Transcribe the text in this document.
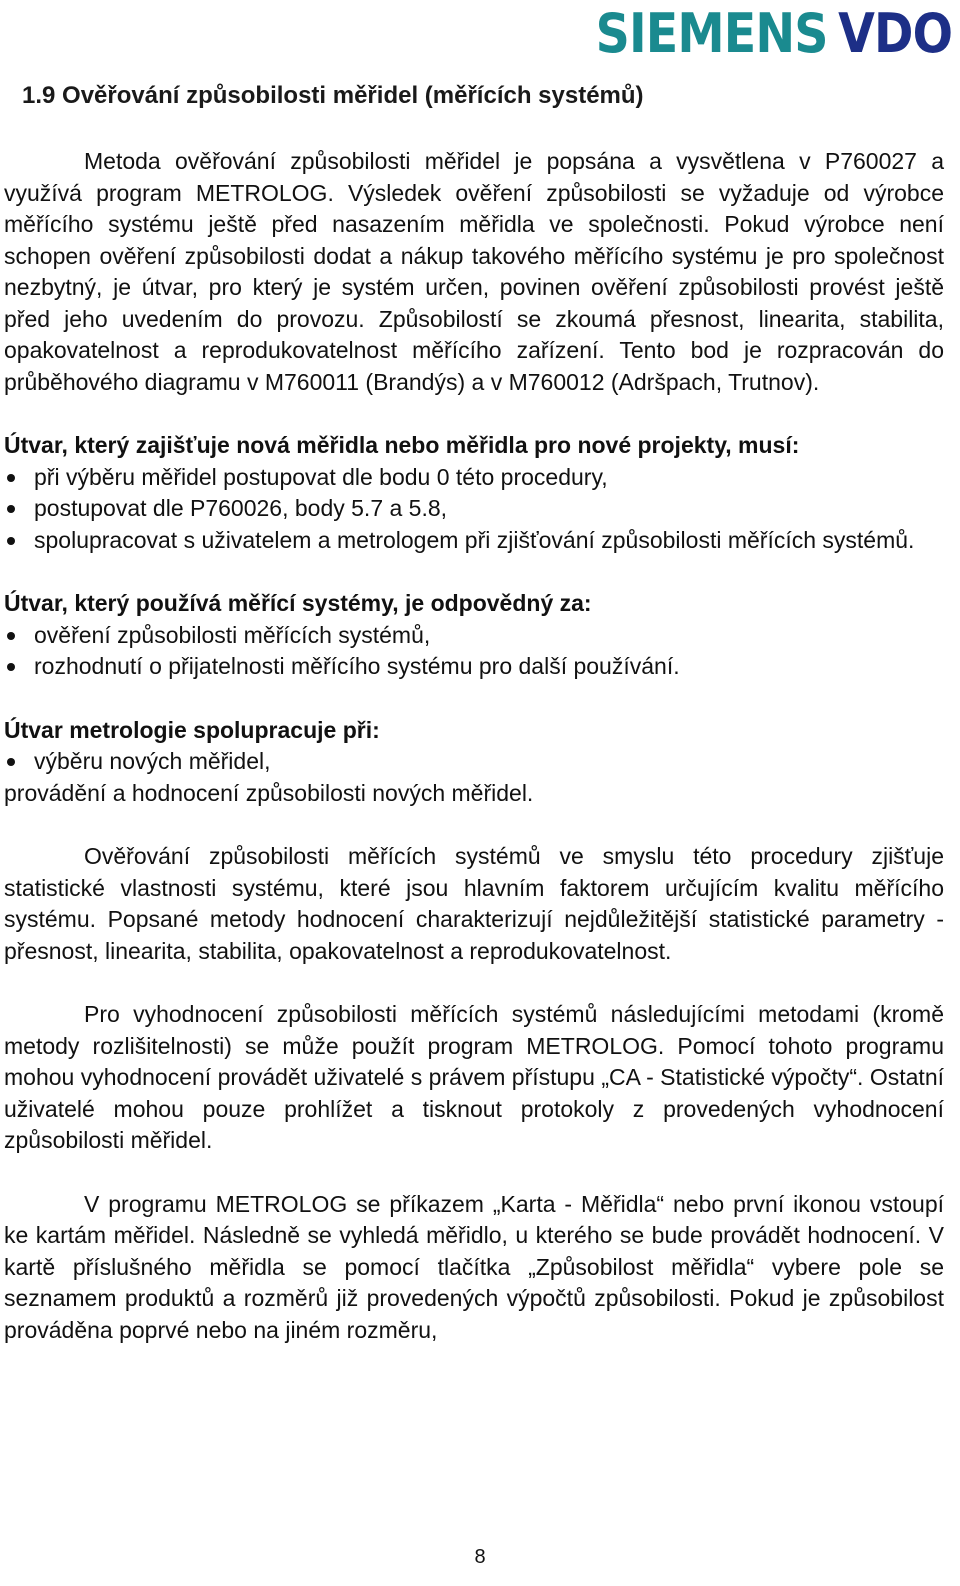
SIEMENS VDO
1.9 Ověřování způsobilosti měřidel (měřících systémů)

Metoda ověřování způsobilosti měřidel je popsána a vysvětlena v P760027 a využívá program METROLOG. Výsledek ověření způsobilosti se vyžaduje od výrobce měřícího systému ještě před nasazením měřidla ve společnosti. Pokud výrobce není schopen ověření způsobilosti dodat a nákup takového měřícího systému je pro společnost nezbytný, je útvar, pro který je systém určen, povinen ověření způsobilosti provést ještě před jeho uvedením do provozu. Způsobilostí se zkoumá přesnost, linearita, stabilita, opakovatelnost a reprodukovatelnost měřícího zařízení. Tento bod je rozpracován do průběhového diagramu v M760011 (Brandýs) a v M760012 (Adršpach, Trutnov).

Útvar, který zajišťuje nová měřidla nebo měřidla pro nové projekty, musí:

při výběru měřidel postupovat dle bodu 0 této procedury,
postupovat dle P760026, body 5.7 a 5.8,
spolupracovat s uživatelem a metrologem při zjišťování způsobilosti měřících systémů.

Útvar, který používá měřící systémy, je odpovědný za:

ověření způsobilosti měřících systémů,
rozhodnutí o přijatelnosti měřícího systému pro další používání.

Útvar metrologie spolupracuje při:

výběru nových měřidel,

provádění a hodnocení způsobilosti nových měřidel.

Ověřování způsobilosti měřících systémů ve smyslu této procedury zjišťuje statistické vlastnosti systému, které jsou hlavním faktorem určujícím kvalitu měřícího systému. Popsané metody hodnocení charakterizují nejdůležitější statistické parametry - přesnost, linearita, stabilita, opakovatelnost a reprodukovatelnost.

Pro vyhodnocení způsobilosti měřících systémů následujícími metodami (kromě metody rozlišitelnosti) se může použít program METROLOG. Pomocí tohoto programu mohou vyhodnocení provádět uživatelé s právem přístupu „CA - Statistické výpočty“. Ostatní uživatelé mohou pouze prohlížet a tisknout protokoly z provedených vyhodnocení způsobilosti měřidel.

V programu METROLOG se příkazem „Karta - Měřidla“ nebo první ikonou vstoupí ke kartám měřidel. Následně se vyhledá měřidlo, u kterého se bude provádět hodnocení. V kartě příslušného měřidla se pomocí tlačítka „Způsobilost měřidla“ vybere pole se seznamem produktů a rozměrů již provedených výpočtů způsobilosti. Pokud je způsobilost prováděna poprvé nebo na jiném rozměru,

8
